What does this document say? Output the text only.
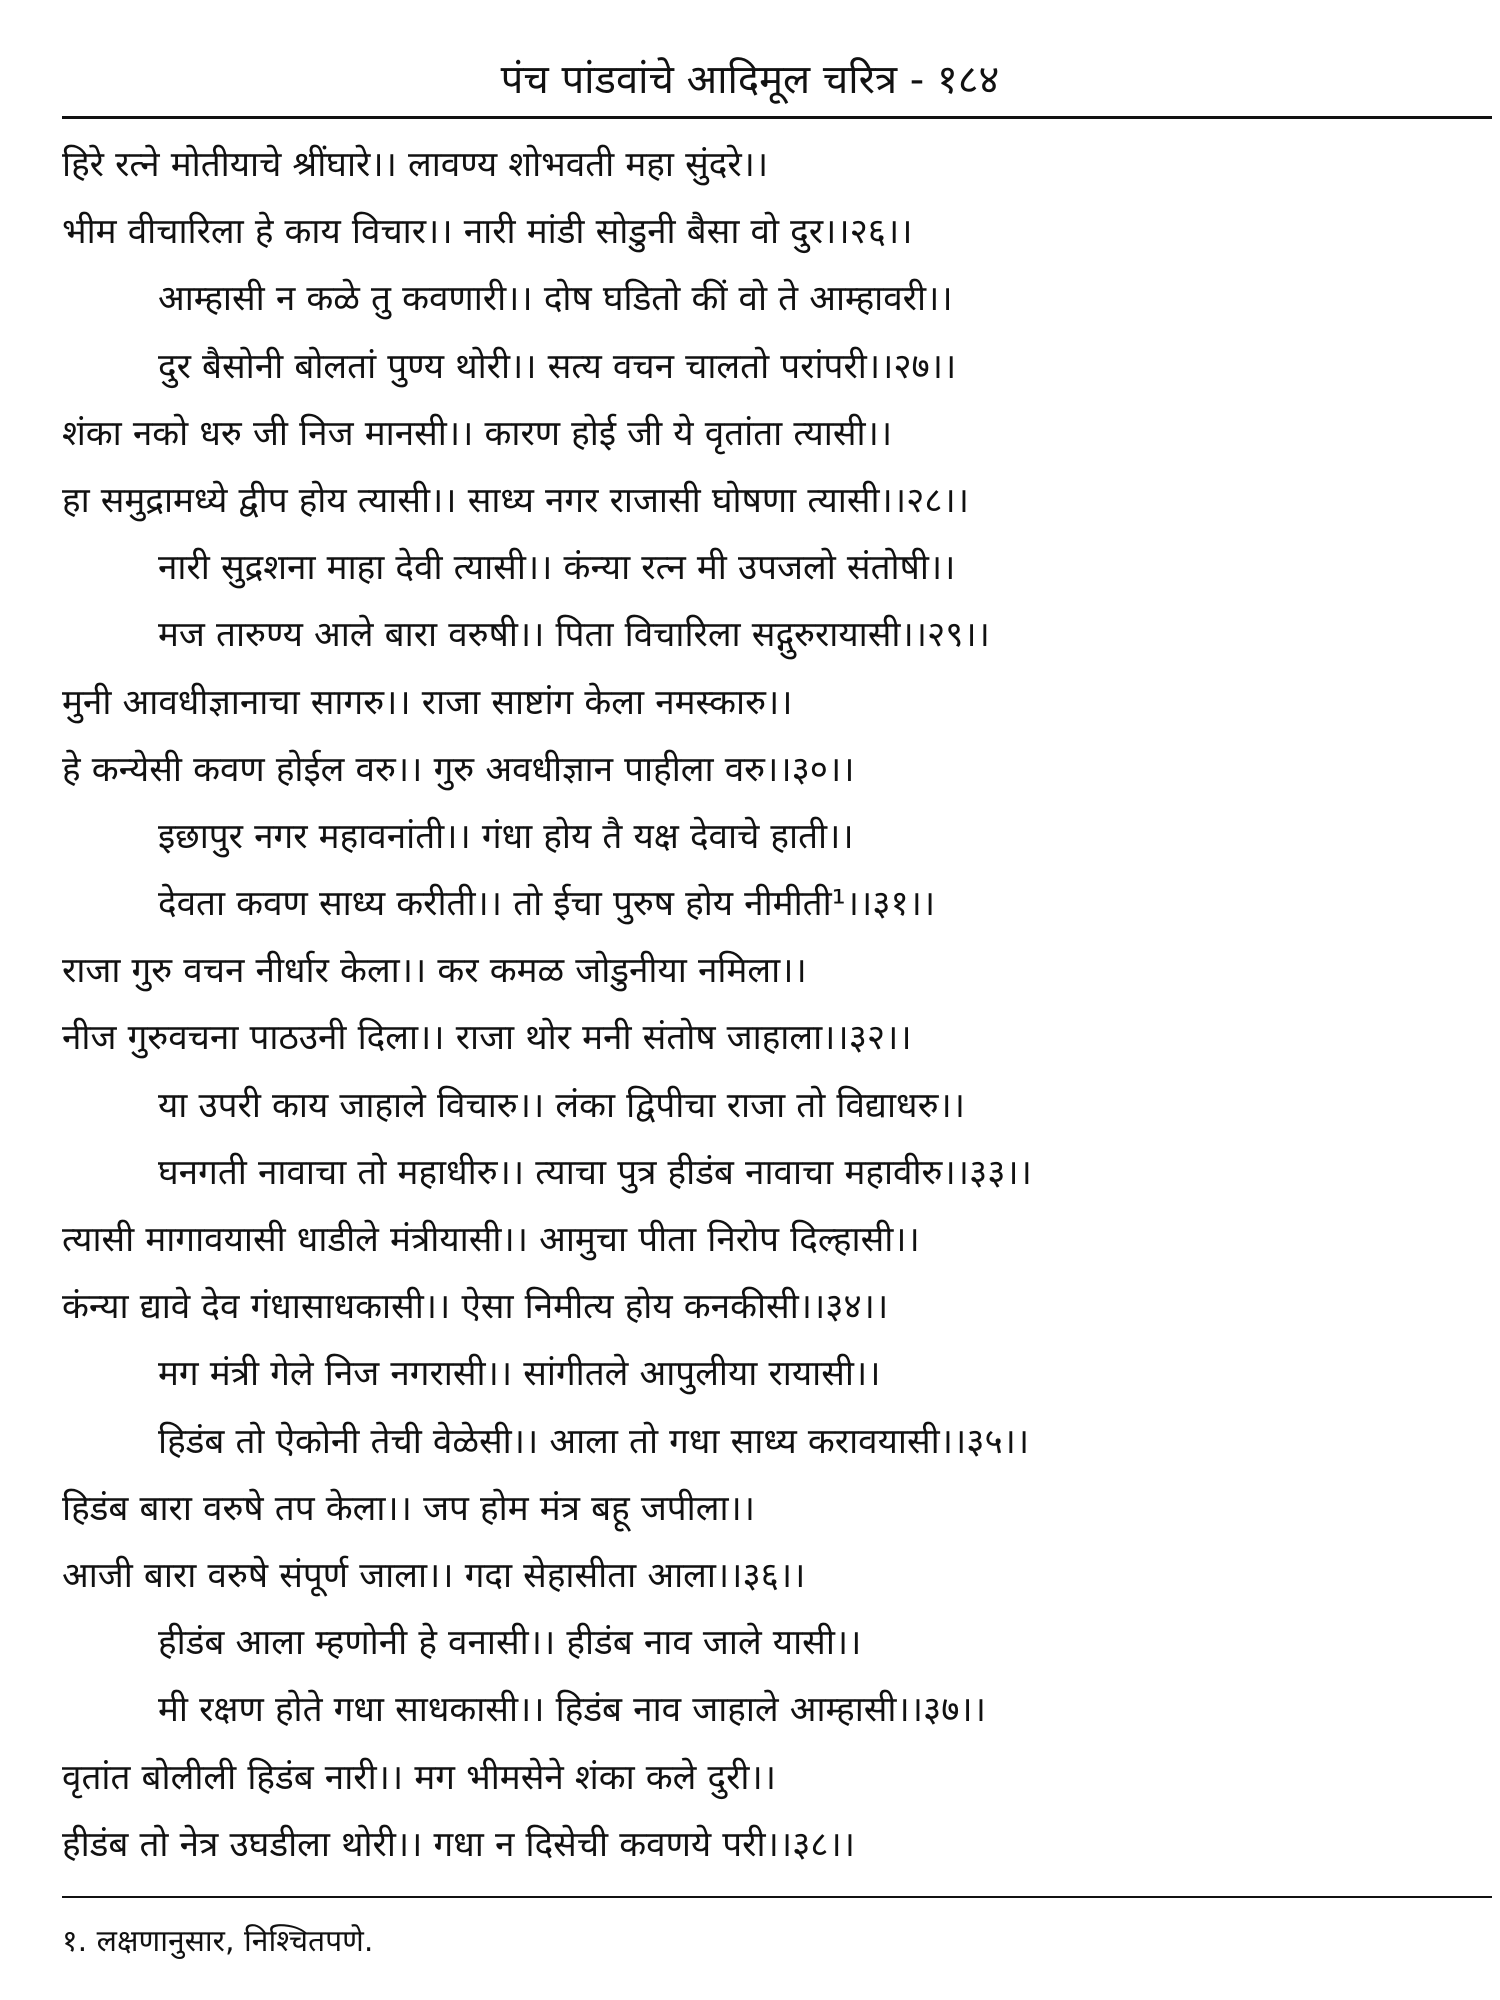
पंच पांडवांचे आदिमूल चरित्र - १८४
हिरे रत्ने मोतीयाचे श्रींघारे।। लावण्य शोभवती महा सुंदरे।।
भीम वीचारिला हे काय विचार।। नारी मांडी सोडुनी बैसा वो दुर।।२६।।
आम्हासी न कळे तु कवणारी।। दोष घडितो कीं वो ते आम्हावरी।।
दुर बैसोनी बोलतां पुण्य थोरी।। सत्य वचन चालतो परांपरी।।२७।।
शंका नको धरु जी निज मानसी।। कारण होई जी ये वृतांता त्यासी।।
हा समुद्रामध्ये द्वीप होय त्यासी।। साध्य नगर राजासी घोषणा त्यासी।।२८।।
नारी सुद्रशना माहा देवी त्यासी।। कंन्या रत्न मी उपजलो संतोषी।।
मज तारुण्य आले बारा वरुषी।। पिता विचारिला सद्गुरुरायासी।।२९।।
मुनी आवधीज्ञानाचा सागरु।। राजा साष्टांग केला नमस्कारु।।
हे कन्येसी कवण होईल वरु।। गुरु अवधीज्ञान पाहीला वरु।।३०।।
इछापुर नगर महावनांती।। गंधा होय तै यक्ष देवाचे हाती।।
देवता कवण साध्य करीती।। तो ईचा पुरुष होय नीमीती¹।।३१।।
राजा गुरु वचन नीर्धार केला।। कर कमळ जोडुनीया नमिला।।
नीज गुरुवचना पाठउनी दिला।। राजा थोर मनी संतोष जाहाला।।३२।।
या उपरी काय जाहाले विचारु।। लंका द्विपीचा राजा तो विद्याधरु।।
घनगती नावाचा तो महाधीरु।। त्याचा पुत्र हीडंब नावाचा महावीरु।।३३।।
त्यासी मागावयासी धाडीले मंत्रीयासी।। आमुचा पीता निरोप दिल्हासी।।
कंन्या द्यावे देव गंधासाधकासी।। ऐसा निमीत्य होय कनकीसी।।३४।।
मग मंत्री गेले निज नगरासी।। सांगीतले आपुलीया रायासी।।
हिडंब तो ऐकोनी तेची वेळेसी।। आला तो गधा साध्य करावयासी।।३५।।
हिडंब बारा वरुषे तप केला।। जप होम मंत्र बहू जपीला।।
आजी बारा वरुषे संपूर्ण जाला।। गदा सेहासीता आला।।३६।।
हीडंब आला म्हणोनी हे वनासी।। हीडंब नाव जाले यासी।।
मी रक्षण होते गधा साधकासी।। हिडंब नाव जाहाले आम्हासी।।३७।।
वृतांत बोलीली हिडंब नारी।। मग भीमसेने शंका कले दुरी।।
हीडंब तो नेत्र उघडीला थोरी।। गधा न दिसेची कवणये परी।।३८।।
१. लक्षणानुसार, निश्चितपणे.
